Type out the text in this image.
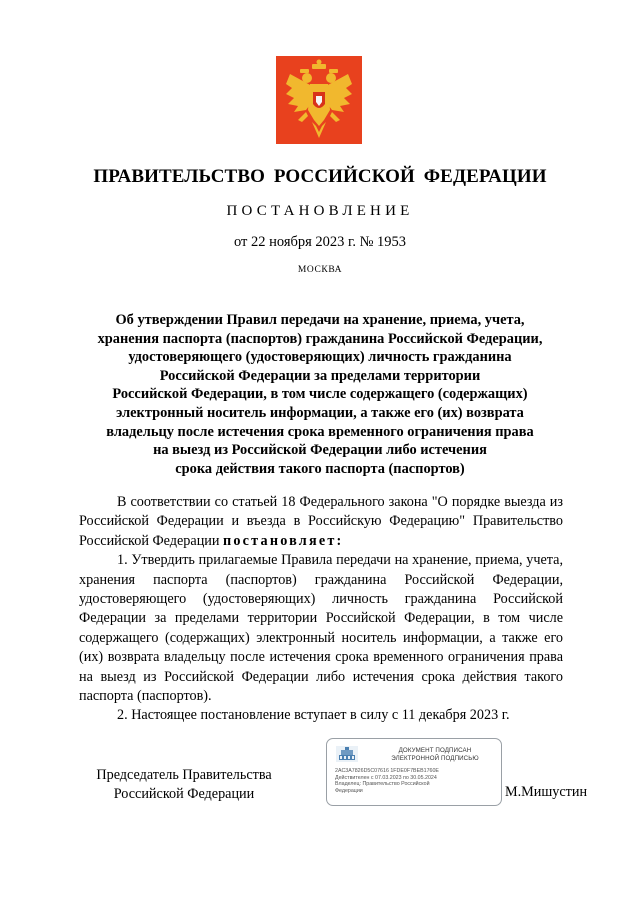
ПРАВИТЕЛЬСТВО РОССИЙСКОЙ ФЕДЕРАЦИИ
ПОСТАНОВЛЕНИЕ
от 22 ноября 2023 г. № 1953
МОСКВА
Об утверждении Правил передачи на хранение, приема, учета,
хранения паспорта (паспортов) гражданина Российской Федерации,
удостоверяющего (удостоверяющих) личность гражданина
Российской Федерации за пределами территории
Российской Федерации, в том числе содержащего (содержащих)
электронный носитель информации, а также его (их) возврата
владельцу после истечения срока временного ограничения права
на выезд из Российской Федерации либо истечения
срока действия такого паспорта (паспортов)

В соответствии со статьей 18 Федерального закона "О порядке выезда из Российской Федерации и въезда в Российскую Федерацию" Правительство Российской Федерации постановляет:

1. Утвердить прилагаемые Правила передачи на хранение, приема, учета, хранения паспорта (паспортов) гражданина Российской Федерации, удостоверяющего (удостоверяющих) личность гражданина Российской Федерации за пределами территории Российской Федерации, в том числе содержащего (содержащих) электронный носитель информации, а также его (их) возврата владельцу после истечения срока временного ограничения права на выезд из Российской Федерации либо истечения срока действия такого паспорта (паспортов).

2. Настоящее постановление вступает в силу с 11 декабря 2023 г.

Председатель Правительства
Российской Федерации
ДОКУМЕНТ ПОДПИСАН
ЭЛЕКТРОННОЙ ПОДПИСЬЮ
2AC3A7826D5C07616 1FDE0F7BEB1760E
Действителен с 07.03.2023 по 30.05.2024
Владелец: Правительство Российской
Федерации	М.Мишустин
